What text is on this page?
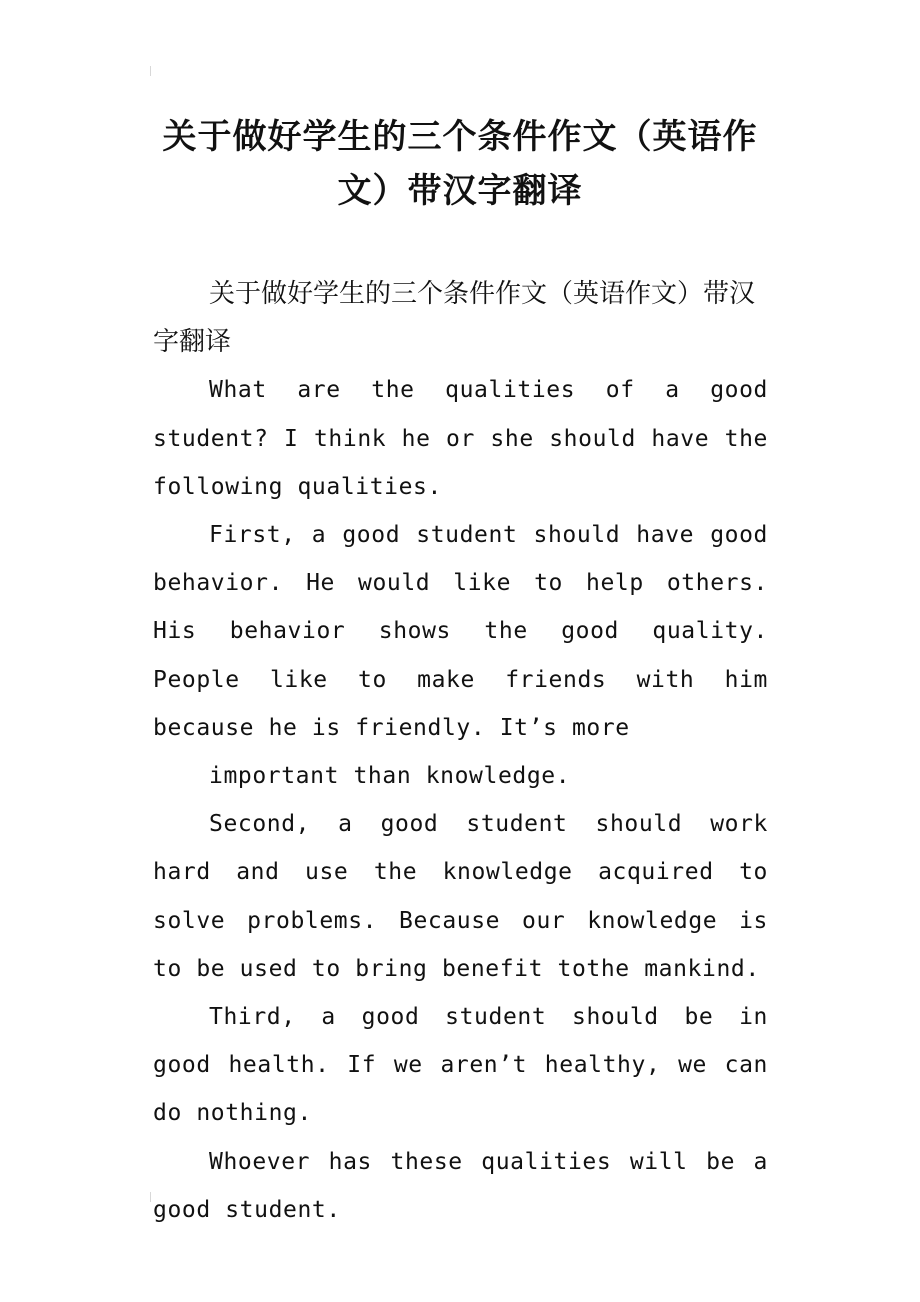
关于做好学生的三个条件作文（英语作文）带汉字翻译

关于做好学生的三个条件作文（英语作文）带汉字翻译

What are the qualities of a good student? I think he or she should have the following qualities.

First, a good student should have good behavior. He would like to help others. His behavior shows the good quality. People like to make friends with him because he is friendly. It’s more

important than knowledge.

Second, a good student should work hard and use the knowledge acquired to solve problems. Because our knowledge is to be used to bring benefit tothe mankind.

Third, a good student should be in good health. If we aren’t healthy, we can do nothing.

Whoever has these qualities will be a good student.
